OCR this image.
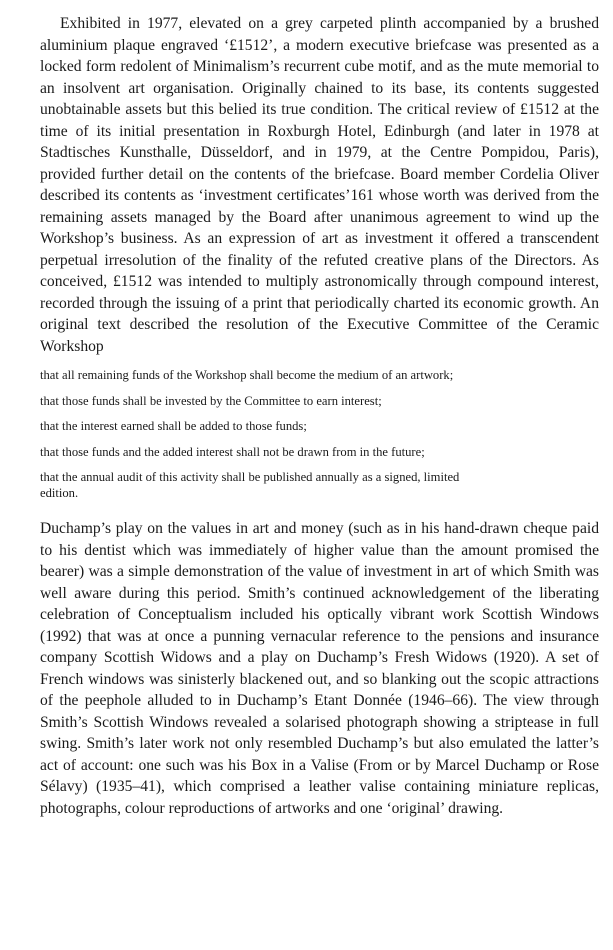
Exhibited in 1977, elevated on a grey carpeted plinth accompanied by a brushed aluminium plaque engraved ‘£1512’, a modern executive briefcase was presented as a locked form redolent of Minimalism’s recurrent cube motif, and as the mute memorial to an insolvent art organisation. Originally chained to its base, its contents suggested unobtainable assets but this belied its true condition. The critical review of £1512 at the time of its initial presentation in Roxburgh Hotel, Edinburgh (and later in 1978 at Stadtisches Kunsthalle, Düsseldorf, and in 1979, at the Centre Pompidou, Paris), provided further detail on the contents of the briefcase. Board member Cordelia Oliver described its contents as ‘investment certificates’161 whose worth was derived from the remaining assets managed by the Board after unanimous agreement to wind up the Workshop’s business. As an expression of art as investment it offered a transcendent perpetual irresolution of the finality of the refuted creative plans of the Directors. As conceived, £1512 was intended to multiply astronomically through compound interest, recorded through the issuing of a print that periodically charted its economic growth. An original text described the resolution of the Executive Committee of the Ceramic Workshop

that all remaining funds of the Workshop shall become the medium of an artwork;

that those funds shall be invested by the Committee to earn interest;

that the interest earned shall be added to those funds;

that those funds and the added interest shall not be drawn from in the future;

that the annual audit of this activity shall be published annually as a signed, limited edition.

Duchamp’s play on the values in art and money (such as in his hand-drawn cheque paid to his dentist which was immediately of higher value than the amount promised the bearer) was a simple demonstration of the value of investment in art of which Smith was well aware during this period. Smith’s continued acknowledgement of the liberating celebration of Conceptualism included his optically vibrant work Scottish Windows (1992) that was at once a punning vernacular reference to the pensions and insurance company Scottish Widows and a play on Duchamp’s Fresh Widows (1920). A set of French windows was sinisterly blackened out, and so blanking out the scopic attractions of the peephole alluded to in Duchamp’s Etant Donnée (1946–66). The view through Smith’s Scottish Windows revealed a solarised photograph showing a striptease in full swing. Smith’s later work not only resembled Duchamp’s but also emulated the latter’s act of account: one such was his Box in a Valise (From or by Marcel Duchamp or Rose Sélavy) (1935–41), which comprised a leather valise containing miniature replicas, photographs, colour reproductions of artworks and one ‘original’ drawing.
